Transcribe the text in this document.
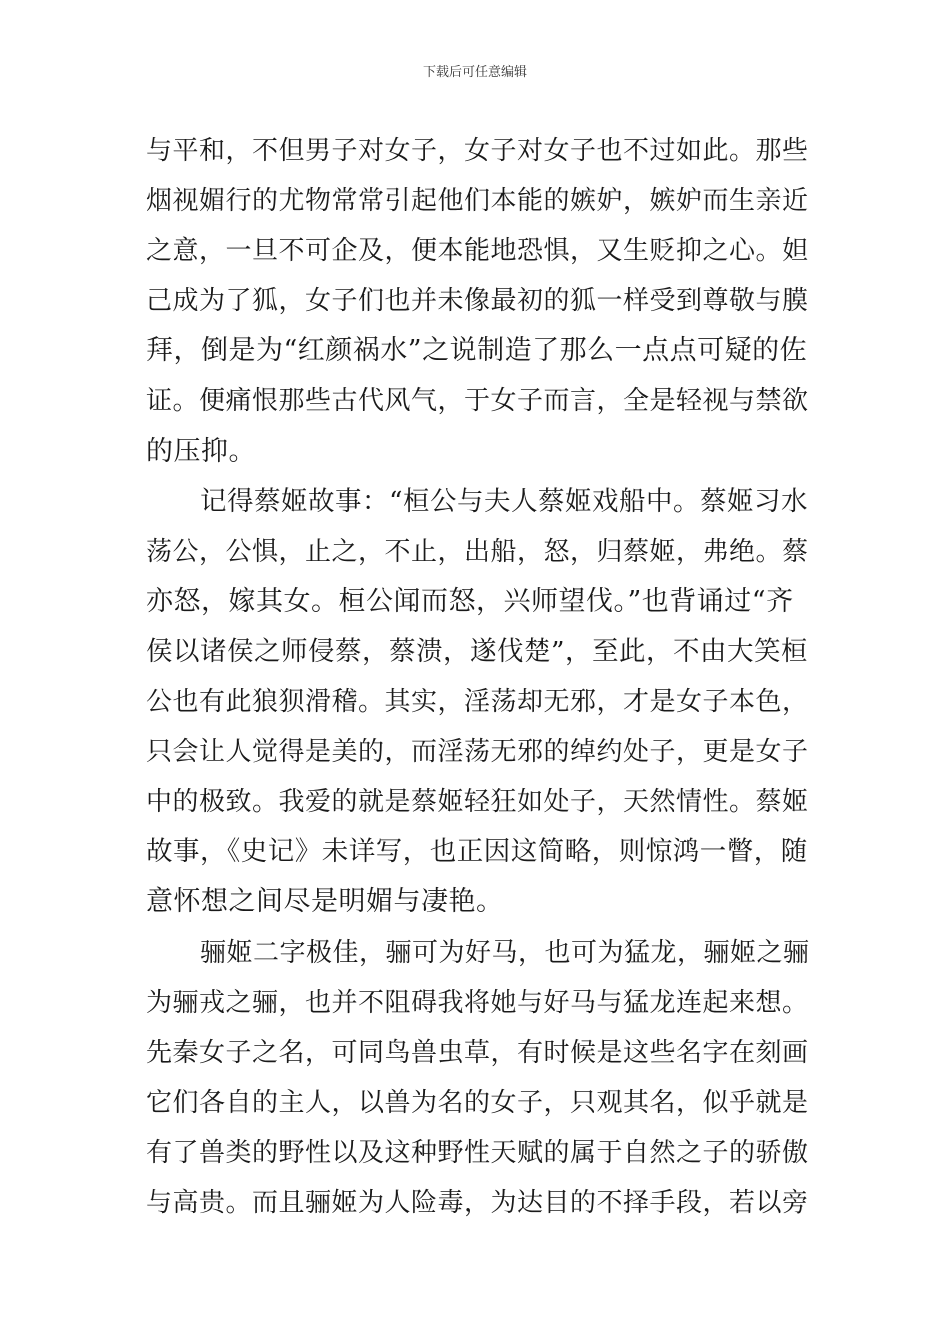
下载后可任意编辑
与平和，不但男子对女子，女子对女子也不过如此。那些
烟视媚行的尤物常常引起他们本能的嫉妒，嫉妒而生亲近
之意，一旦不可企及，便本能地恐惧，又生贬抑之心。妲
己成为了狐，女子们也并未像最初的狐一样受到尊敬与膜
拜，倒是为“红颜祸水”之说制造了那么一点点可疑的佐
证。便痛恨那些古代风气，于女子而言，全是轻视与禁欲
的压抑。
记得蔡姬故事：“桓公与夫人蔡姬戏船中。蔡姬习水
荡公，公惧，止之，不止，出船，怒，归蔡姬，弗绝。蔡
亦怒，嫁其女。桓公闻而怒，兴师望伐。”也背诵过“齐
侯以诸侯之师侵蔡，蔡溃，遂伐楚”，至此，不由大笑桓
公也有此狼狈滑稽。其实，淫荡却无邪，才是女子本色，
只会让人觉得是美的，而淫荡无邪的绰约处子，更是女子
中的极致。我爱的就是蔡姬轻狂如处子，天然情性。蔡姬
故事，《史记》未详写，也正因这简略，则惊鸿一瞥，随
意怀想之间尽是明媚与凄艳。
骊姬二字极佳，骊可为好马，也可为猛龙，骊姬之骊
为骊戎之骊，也并不阻碍我将她与好马与猛龙连起来想。
先秦女子之名，可同鸟兽虫草，有时候是这些名字在刻画
它们各自的主人，以兽为名的女子，只观其名，似乎就是
有了兽类的野性以及这种野性天赋的属于自然之子的骄傲
与高贵。而且骊姬为人险毒，为达目的不择手段，若以旁
